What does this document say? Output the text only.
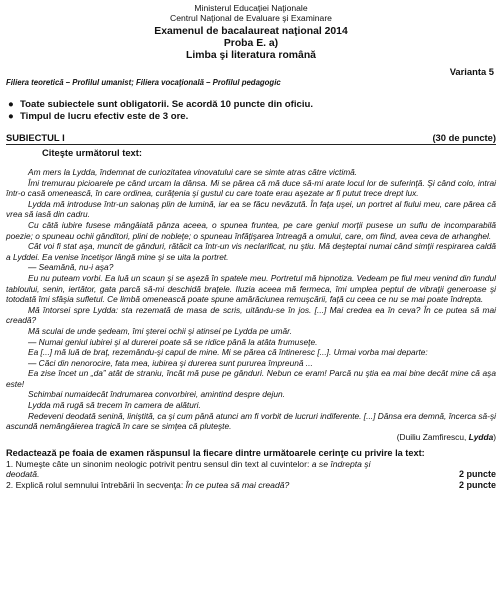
Ministerul Educaţiei Naţionale
Centrul Naţional de Evaluare şi Examinare
Examenul de bacalaureat naţional 2014
Proba E. a)
Limba şi literatura română
Varianta 5
Filiera teoretică – Profilul umanist; Filiera vocaţională – Profilul pedagogic
● Toate subiectele sunt obligatorii. Se acordă 10 puncte din oficiu.
● Timpul de lucru efectiv este de 3 ore.
SUBIECTUL I	(30 de puncte)
Citeşte următorul text:

Am mers la Lydda, îndemnat de curiozitatea vinovatului care se simte atras către victimă.

Îmi tremurau picioarele pe când urcam la dânsa. Mi se părea că mă duce să-mi arate locul lor de suferinţă. Şi când colo, intrai într-o casă omenească, în care ordinea, curăţenia şi gustul cu care toate erau aşezate ar fi putut trece drept lux.

Lydda mă introduse într-un salonaş plin de lumină, iar ea se făcu nevăzută. În faţa uşei, un portret al fiului meu, care părea că vrea să iasă din cadru.

Cu câtă iubire fusese mângâiată pânza aceea, o spunea fruntea, pe care geniul morţii pusese un suflu de incomparabilă poezie; o spuneau ochii gânditori, plini de nobleţe; o spuneau înfăţişarea întreagă a omului, care, om fiind, avea ceva de arhanghel.

Cât voi fi stat aşa, muncit de gânduri, rătăcit ca într-un vis neclarificat, nu ştiu. Mă deşteptai numai când simţii respirarea caldă a Lyddei. Ea venise încetişor lângă mine şi se uita la portret.

— Seamănă, nu-i aşa?

Eu nu puteam vorbi. Ea luă un scaun şi se aşeză în spatele meu. Portretul mă hipnotiza. Vedeam pe fiul meu venind din fundul tabloului, senin, iertător, gata parcă să-mi deschidă braţele. Iluzia aceea mă fermeca, îmi umplea peptul de vibraţii generoase şi totodată îmi sfâşia sufletul. Ce limbă omenească poate spune amărăciunea remuşcării, faţă cu ceea ce nu se mai poate îndrepta.

Mă întorsei spre Lydda: sta rezemată de masa de scris, uitându-se în jos. [...] Mai credea ea în ceva? În ce putea să mai creadă?

Mă sculai de unde şedeam, îmi şterei ochii şi atinsei pe Lydda pe umăr.

— Numai geniul iubirei şi al durerei poate să se ridice până la atâta frumuseţe.

Ea [...] mă luă de braţ, rezemându-şi capul de mine. Mi se părea că întineresc [...]. Urmai vorba mai departe:

— Căci din nenorocire, fata mea, iubirea şi durerea sunt pururea împreună ...

Ea zise încet un „da” atât de straniu, încât mă puse pe gânduri. Nebun ce eram! Parcă nu ştia ea mai bine decât mine că aşa este!

Schimbai numaidecât îndrumarea convorbirei, amintind despre dejun.

Lydda mă rugă să trecem în camera de alături.

Redeveni deodată senină, liniştită, ca şi cum până atunci am fi vorbit de lucruri indiferente. [...] Dânsa era demnă, încerca să-şi ascundă nemângâierea tragică în care se simţea că pluteşte.

(Duiliu Zamfirescu, Lydda)
Redactează pe foaia de examen răspunsul la fiecare dintre următoarele cerinţe cu privire la text:
1. Numeşte câte un sinonim neologic potrivit pentru sensul din text al cuvintelor: a se îndrepta şi
deodată.	2 puncte
2. Explică rolul semnului întrebării în secvenţa: În ce putea să mai creadă?	2 puncte
